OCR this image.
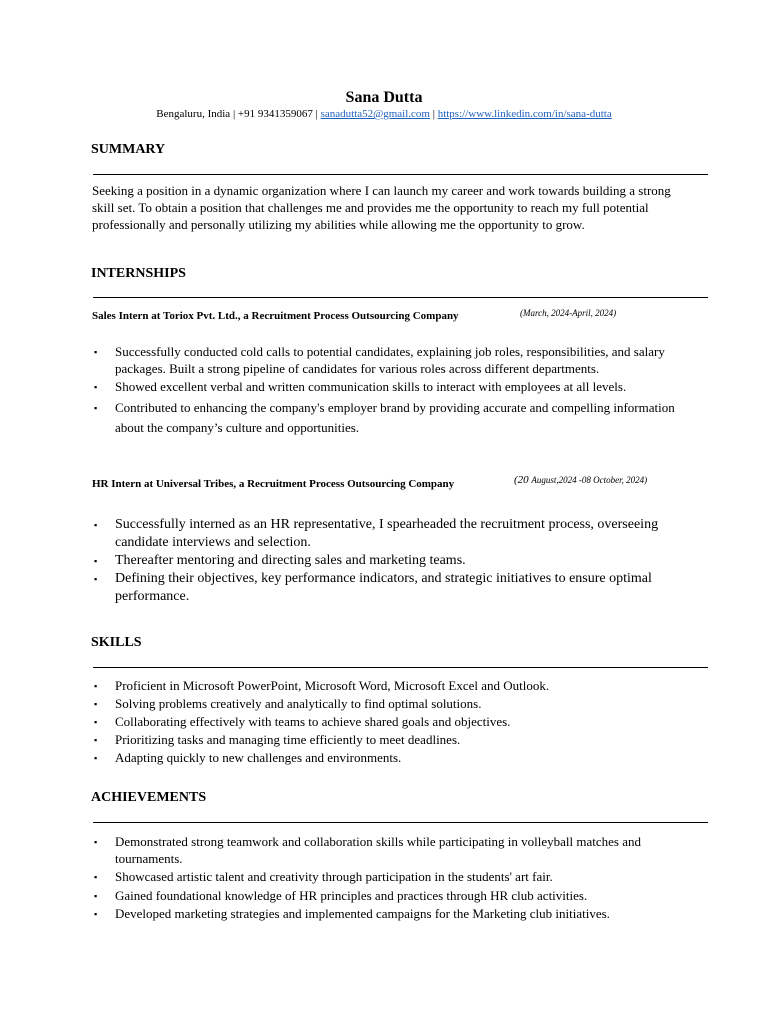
Sana Dutta
Bengaluru, India | +91 9341359067 | sanadutta52@gmail.com | https://www.linkedin.com/in/sana-dutta
SUMMARY

Seeking a position in a dynamic organization where I can launch my career and work towards building a strong skill set. To obtain a position that challenges me and provides me the opportunity to reach my full potential professionally and personally utilizing my abilities while allowing me the opportunity to grow.

INTERNSHIPS
Sales Intern at Toriox Pvt. Ltd., a Recruitment Process Outsourcing Company	(March, 2024-April, 2024)
▪ Successfully conducted cold calls to potential candidates, explaining job roles, responsibilities, and salary packages. Built a strong pipeline of candidates for various roles across different departments.
▪ Showed excellent verbal and written communication skills to interact with employees at all levels.
▪ Contributed to enhancing the company's employer brand by providing accurate and compelling information about the company’s culture and opportunities.
HR Intern at Universal Tribes, a Recruitment Process Outsourcing Company	(20 August,2024 -08 October, 2024)
▪ Successfully interned as an HR representative, I spearheaded the recruitment process, overseeing candidate interviews and selection.
▪ Thereafter mentoring and directing sales and marketing teams.
▪ Defining their objectives, key performance indicators, and strategic initiatives to ensure optimal performance.
SKILLS
▪ Proficient in Microsoft PowerPoint, Microsoft Word, Microsoft Excel and Outlook.
▪ Solving problems creatively and analytically to find optimal solutions.
▪ Collaborating effectively with teams to achieve shared goals and objectives.
▪ Prioritizing tasks and managing time efficiently to meet deadlines.
▪ Adapting quickly to new challenges and environments.
ACHIEVEMENTS
▪ Demonstrated strong teamwork and collaboration skills while participating in volleyball matches and tournaments.
▪ Showcased artistic talent and creativity through participation in the students' art fair.
▪ Gained foundational knowledge of HR principles and practices through HR club activities.
▪ Developed marketing strategies and implemented campaigns for the Marketing club initiatives.
